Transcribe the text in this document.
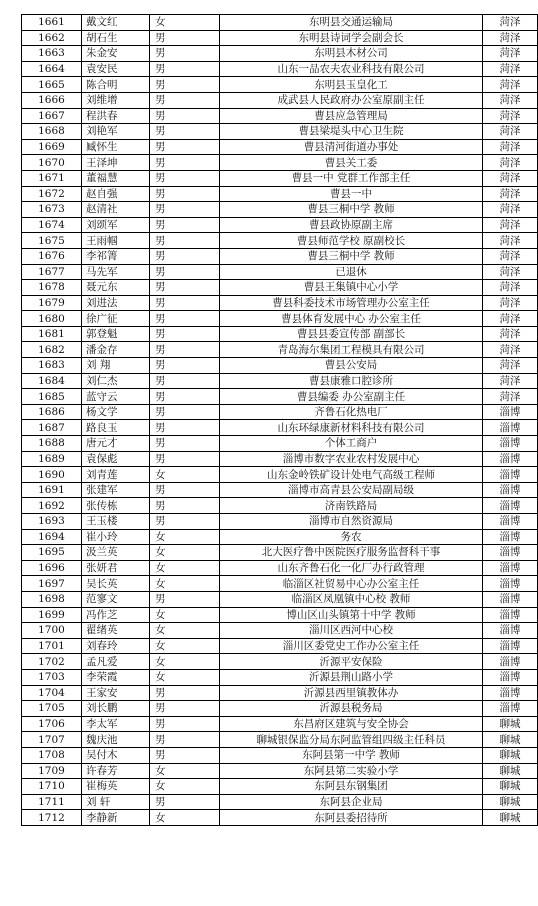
1661	戴文红	女	东明县交通运输局	菏泽
1662	胡石生	男	东明县诗词学会副会长	菏泽
1663	朱金安	男	东明县木材公司	菏泽
1664	袁安民	男	山东一品农夫农业科技有限公司	菏泽
1665	陈合明	男	东明县玉皇化工	菏泽
1666	刘维增	男	成武县人民政府办公室原副主任	菏泽
1667	程洪春	男	曹县应急管理局	菏泽
1668	刘艳军	男	曹县梁堤头中心卫生院	菏泽
1669	臧怀生	男	曹县清河街道办事处	菏泽
1670	王泽坤	男	曹县关工委	菏泽
1671	董福慧	男	曹县一中 党群工作部主任	菏泽
1672	赵自强	男	曹县一中	菏泽
1673	赵清社	男	曹县三桐中学 教师	菏泽
1674	刘颂军	男	曹县政协原副主席	菏泽
1675	王雨帼	男	曹县师范学校 原副校长	菏泽
1676	李祁箐	男	曹县三桐中学 教师	菏泽
1677	马先军	男	已退休	菏泽
1678	聂元东	男	曹县王集镇中心小学	菏泽
1679	刘进法	男	曹县科委技术市场管理办公室主任	菏泽
1680	徐广征	男	曹县体育发展中心 办公室主任	菏泽
1681	郭登魁	男	曹县县委宣传部 副部长	菏泽
1682	潘金存	男	青岛海尔集团工程模具有限公司	菏泽
1683	刘 翔	男	曹县公安局	菏泽
1684	刘仁杰	男	曹县康雅口腔诊所	菏泽
1685	蓝守云	男	曹县编委 办公室副主任	菏泽
1686	杨文学	男	齐鲁石化热电厂	淄博
1687	路良玉	男	山东环绿康新材料科技有限公司	淄博
1688	唐元才	男	个体工商户	淄博
1689	袁保彪	男	淄博市数字农业农村发展中心	淄博
1690	刘青莲	女	山东金岭铁矿设计处电气高级工程师	淄博
1691	张建军	男	淄博市高青县公安局副局级	淄博
1692	张传栋	男	济南铁路局	淄博
1693	王玉楼	男	淄博市自然资源局	淄博
1694	崔小玲	女	务农	淄博
1695	汲兰英	女	北大医疗鲁中医院医疗服务监督科干事	淄博
1696	张妍君	女	山东齐鲁石化一化厂办行政管理	淄博
1697	吴长英	女	临淄区社贸易中心办公室主任	淄博
1698	范寥文	男	临淄区凤凰镇中心校 教师	淄博
1699	冯作芝	女	博山区山头镇第十中学 教师	淄博
1700	翟绪英	女	淄川区西河中心校	淄博
1701	刘春玲	女	淄川区委党史工作办公室主任	淄博
1702	孟凡爱	女	沂源平安保险	淄博
1703	李荣霞	女	沂源县荆山路小学	淄博
1704	王家安	男	沂源县西里镇教体办	淄博
1705	刘长鹏	男	沂源县税务局	淄博
1706	李太军	男	东昌府区建筑与安全协会	聊城
1707	魏庆池	男	聊城银保监分局东阿监管组四级主任科员	聊城
1708	吴付木	男	东阿县第一中学 教师	聊城
1709	许春芳	女	东阿县第二实验小学	聊城
1710	崔梅英	女	东阿县东钢集团	聊城
1711	刘 轩	男	东阿县企业局	聊城
1712	李静新	女	东阿县委招待所	聊城
